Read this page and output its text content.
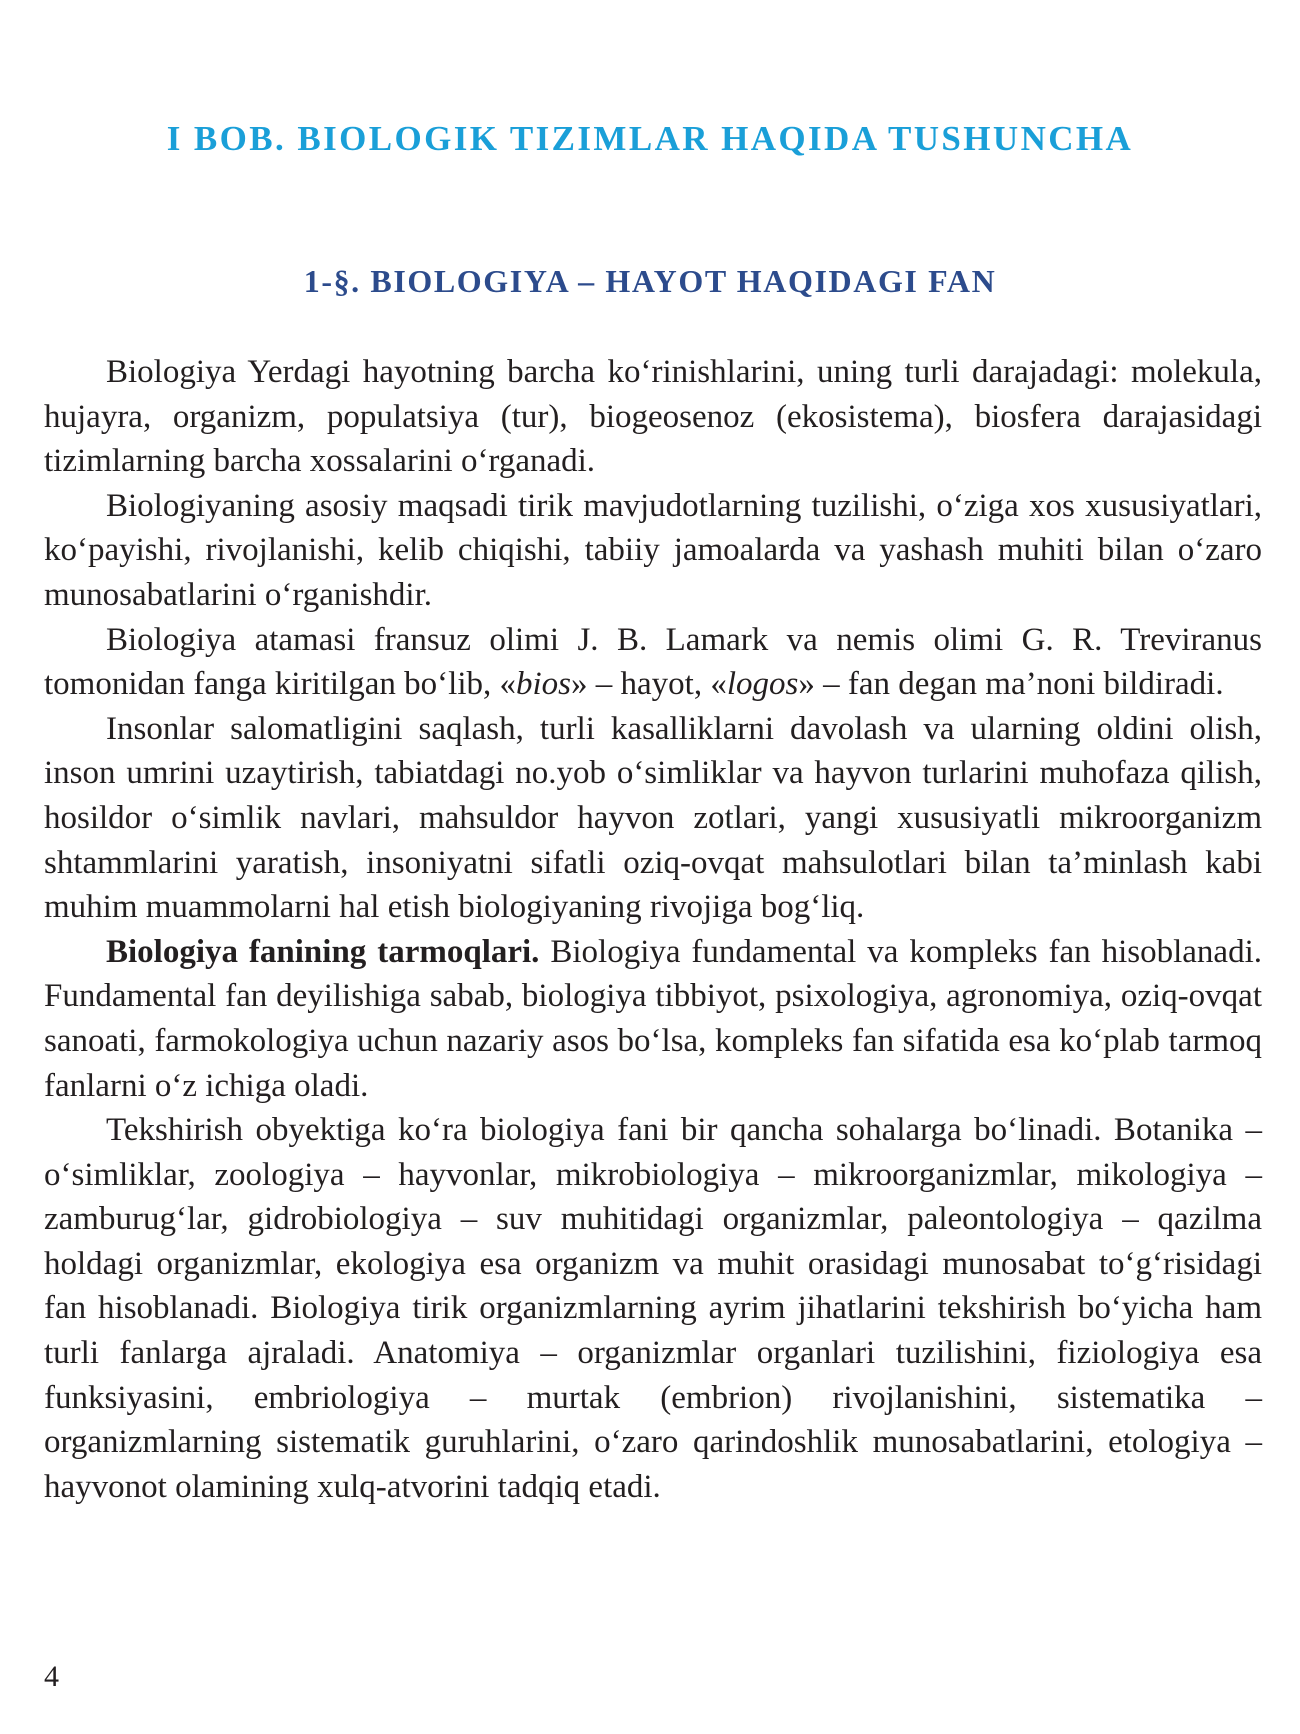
I BOB. BIOLOGIK TIZIMLAR HAQIDA TUSHUNCHA
1-§. BIOLOGIYA – HAYOT HAQIDAGI FAN

Biologiya Yerdagi hayotning barcha ko‘rinishlarini, uning turli darajadagi: molekula, hujayra, organizm, populatsiya (tur), biogeosenoz (ekosistema), biosfera darajasidagi tizimlarning barcha xossalarini o‘rganadi.

Biologiyaning asosiy maqsadi tirik mavjudotlarning tuzilishi, o‘ziga xos xususiyatlari, ko‘payishi, rivojlanishi, kelib chiqishi, tabiiy jamoalarda va yashash muhiti bilan o‘zaro munosabatlarini o‘rganishdir.

Biologiya atamasi fransuz olimi J. B. Lamark va nemis olimi G. R. Treviranus tomonidan fanga kiritilgan bo‘lib, «bios» – hayot, «logos» – fan degan ma’noni bildiradi.

Insonlar salomatligini saqlash, turli kasalliklarni davolash va ularning oldini olish, inson umrini uzaytirish, tabiatdagi no.yob o‘simliklar va hayvon turlarini muhofaza qilish, hosildor o‘simlik navlari, mahsuldor hayvon zotlari, yangi xususiyatli mikroorganizm shtammlarini yaratish, insoniyatni sifatli oziq-ovqat mahsulotlari bilan ta’minlash kabi muhim muammolarni hal etish biologiyaning rivojiga bog‘liq.

Biologiya fanining tarmoqlari. Biologiya fundamental va kompleks fan hisoblanadi. Fundamental fan deyilishiga sabab, biologiya tibbiyot, psixologiya, agronomiya, oziq-ovqat sanoati, farmokologiya uchun nazariy asos bo‘lsa, kompleks fan sifatida esa ko‘plab tarmoq fanlarni o‘z ichiga oladi.

Tekshirish obyektiga ko‘ra biologiya fani bir qancha sohalarga bo‘linadi. Botanika – o‘simliklar, zoologiya – hayvonlar, mikrobiologiya – mikroorganizmlar, mikologiya – zamburug‘lar, gidrobiologiya – suv muhitidagi organizmlar, paleontologiya – qazilma holdagi organizmlar, ekologiya esa organizm va muhit orasidagi munosabat to‘g‘risidagi fan hisoblanadi. Biologiya tirik organizmlarning ayrim jihatlarini tekshirish bo‘yicha ham turli fanlarga ajraladi. Anatomiya – organizmlar organlari tuzilishini, fiziologiya esa funksiyasini, embriologiya – murtak (embrion) rivojlanishini, sistematika – organizmlarning sistematik guruhlarini, o‘zaro qarindoshlik munosabatlarini, etologiya – hayvonot olamining xulq-atvorini tadqiq etadi.

4
